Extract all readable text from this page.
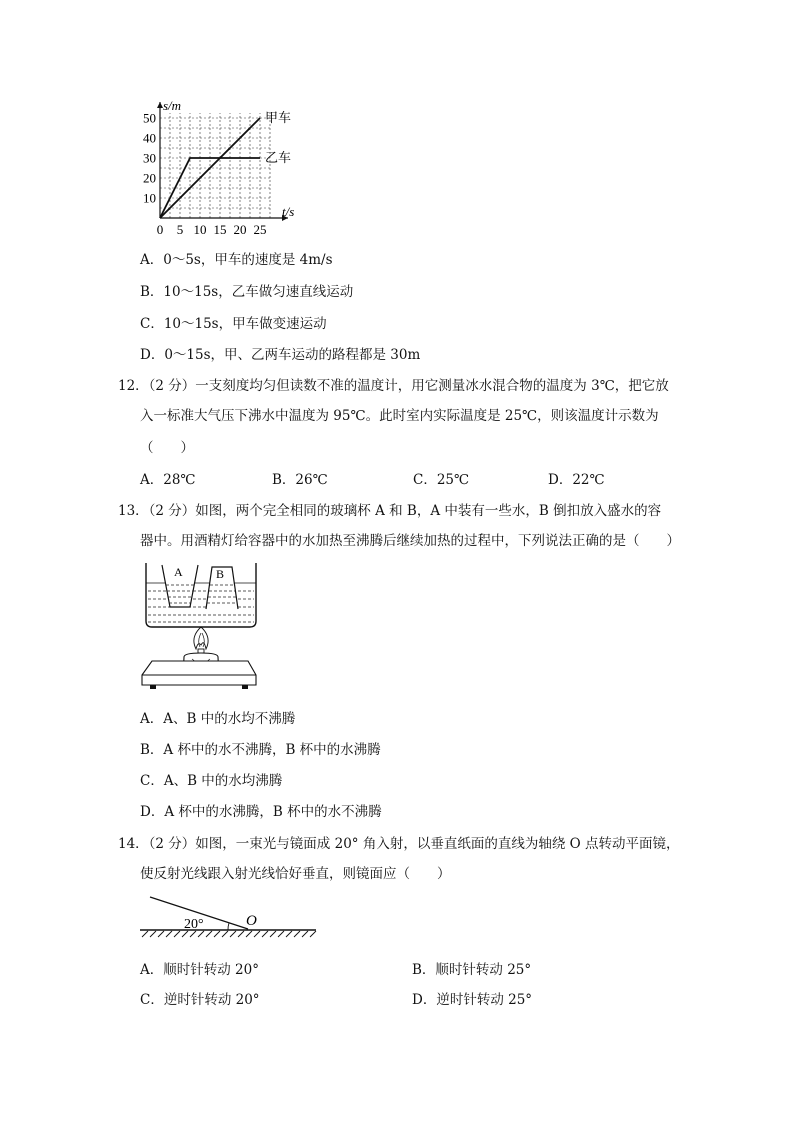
0 5 10 15 20 25
10
20
30
40
50
s/m
t/s
甲车
乙车
A．0～5s，甲车的速度是 4m/s
B．10～15s，乙车做匀速直线运动
C．10～15s，甲车做变速运动
D．0～15s，甲、乙两车运动的路程都是 30m
12．（2 分）一支刻度均匀但读数不准的温度计，用它测量冰水混合物的温度为 3℃，把它放
入一标准大气压下沸水中温度为 95℃。此时室内实际温度是 25℃，则该温度计示数为
（　　）
A．28℃	B．26℃	C．25℃	D．22℃
13．（2 分）如图，两个完全相同的玻璃杯 A 和 B，A 中装有一些水，B 倒扣放入盛水的容
器中。用酒精灯给容器中的水加热至沸腾后继续加热的过程中，下列说法正确的是（　　）
A	B
A．A、B 中的水均不沸腾
B．A 杯中的水不沸腾，B 杯中的水沸腾
C．A、B 中的水均沸腾
D．A 杯中的水沸腾，B 杯中的水不沸腾
14．（2 分）如图，一束光与镜面成 20° 角入射，以垂直纸面的直线为轴绕 O 点转动平面镜，
使反射光线跟入射光线恰好垂直，则镜面应（　　）
20°	O
A．顺时针转动 20°	B．顺时针转动 25°
C．逆时针转动 20°	D．逆时针转动 25°
